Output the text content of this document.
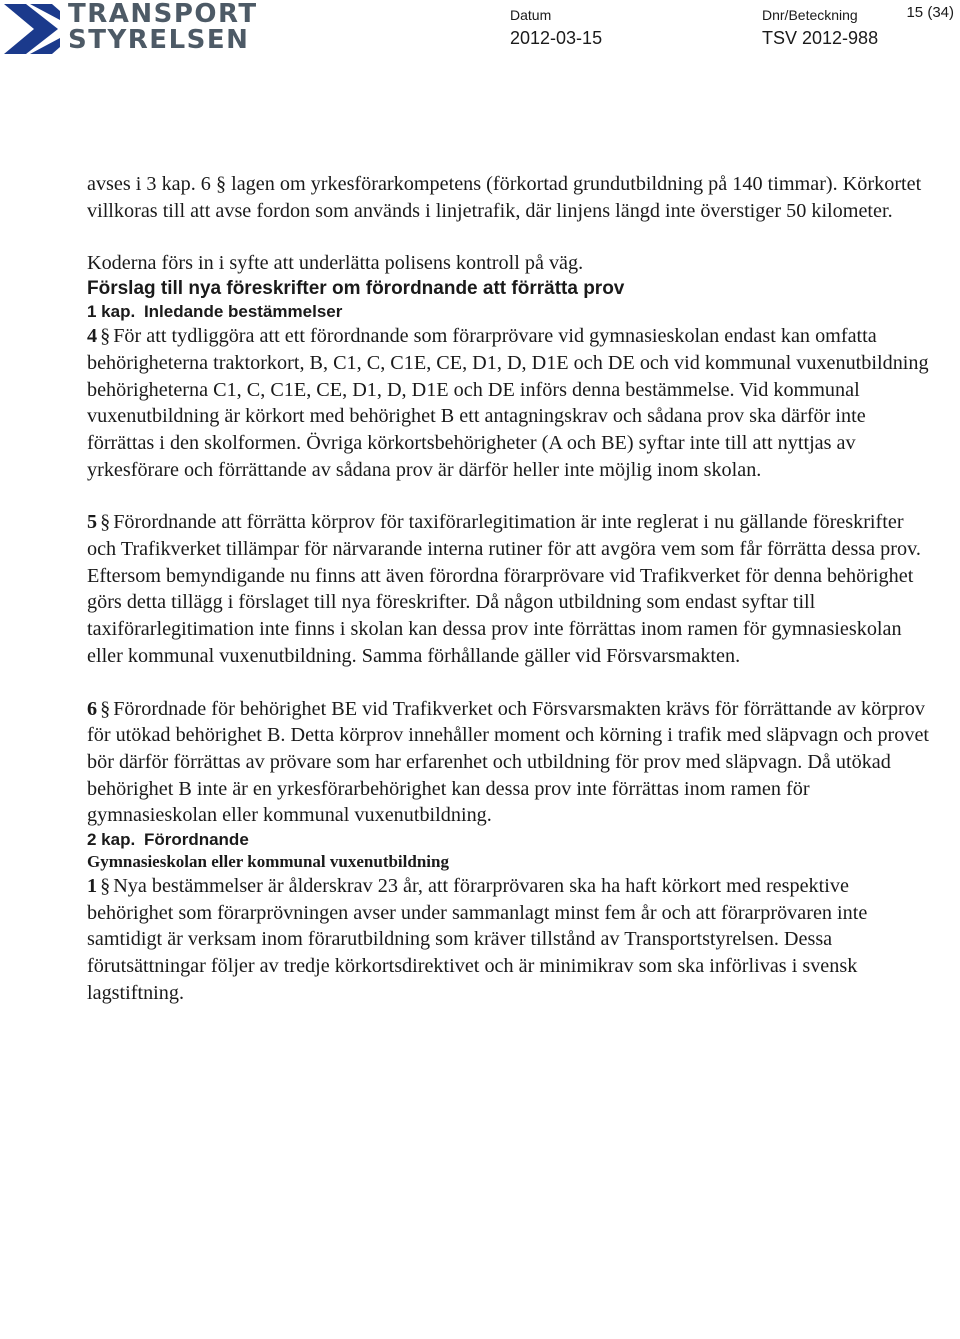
TRANSPORT
STYRELSEN
Datum
2012-03-15
Dnr/Beteckning
TSV 2012-988
15 (34)

avses i 3 kap. 6 § lagen om yrkesförarkompetens (förkortad grundutbildning på 140 timmar). Körkortet villkoras till att avse fordon som används i linjetrafik, där linjens längd inte överstiger 50 kilometer.

Koderna förs in i syfte att underlätta polisens kontroll på väg.

Förslag till nya föreskrifter om förordnande att förrätta prov

1 kap. Inledande bestämmelser

4 § För att tydliggöra att ett förordnande som förarprövare vid gymnasieskolan endast kan omfatta behörigheterna traktorkort, B, C1, C, C1E, CE, D1, D, D1E och DE och vid kommunal vuxenutbildning behörigheterna C1, C, C1E, CE, D1, D, D1E och DE införs denna bestämmelse. Vid kommunal vuxenutbildning är körkort med behörighet B ett antagningskrav och sådana prov ska därför inte förrättas i den skolformen. Övriga körkortsbehörigheter (A och BE) syftar inte till att nyttjas av yrkesförare och förrättande av sådana prov är därför heller inte möjlig inom skolan.

5 § Förordnande att förrätta körprov för taxiförarlegitimation är inte reglerat i nu gällande föreskrifter och Trafikverket tillämpar för närvarande interna rutiner för att avgöra vem som får förrätta dessa prov. Eftersom bemyndigande nu finns att även förordna förarprövare vid Trafikverket för denna behörighet görs detta tillägg i förslaget till nya föreskrifter. Då någon utbildning som endast syftar till taxiförarlegitimation inte finns i skolan kan dessa prov inte förrättas inom ramen för gymnasieskolan eller kommunal vuxenutbildning. Samma förhållande gäller vid Försvarsmakten.

6 § Förordnade för behörighet BE vid Trafikverket och Försvarsmakten krävs för förrättande av körprov för utökad behörighet B. Detta körprov innehåller moment och körning i trafik med släpvagn och provet bör därför förrättas av prövare som har erfarenhet och utbildning för prov med släpvagn. Då utökad behörighet B inte är en yrkesförarbehörighet kan dessa prov inte förrättas inom ramen för gymnasieskolan eller kommunal vuxenutbildning.

2 kap. Förordnande

Gymnasieskolan eller kommunal vuxenutbildning

1 § Nya bestämmelser är ålderskrav 23 år, att förarprövaren ska ha haft körkort med respektive behörighet som förarprövningen avser under sammanlagt minst fem år och att förarprövaren inte samtidigt är verksam inom förarutbildning som kräver tillstånd av Transportstyrelsen. Dessa förutsättningar följer av tredje körkortsdirektivet och är minimikrav som ska införlivas i svensk lagstiftning.
